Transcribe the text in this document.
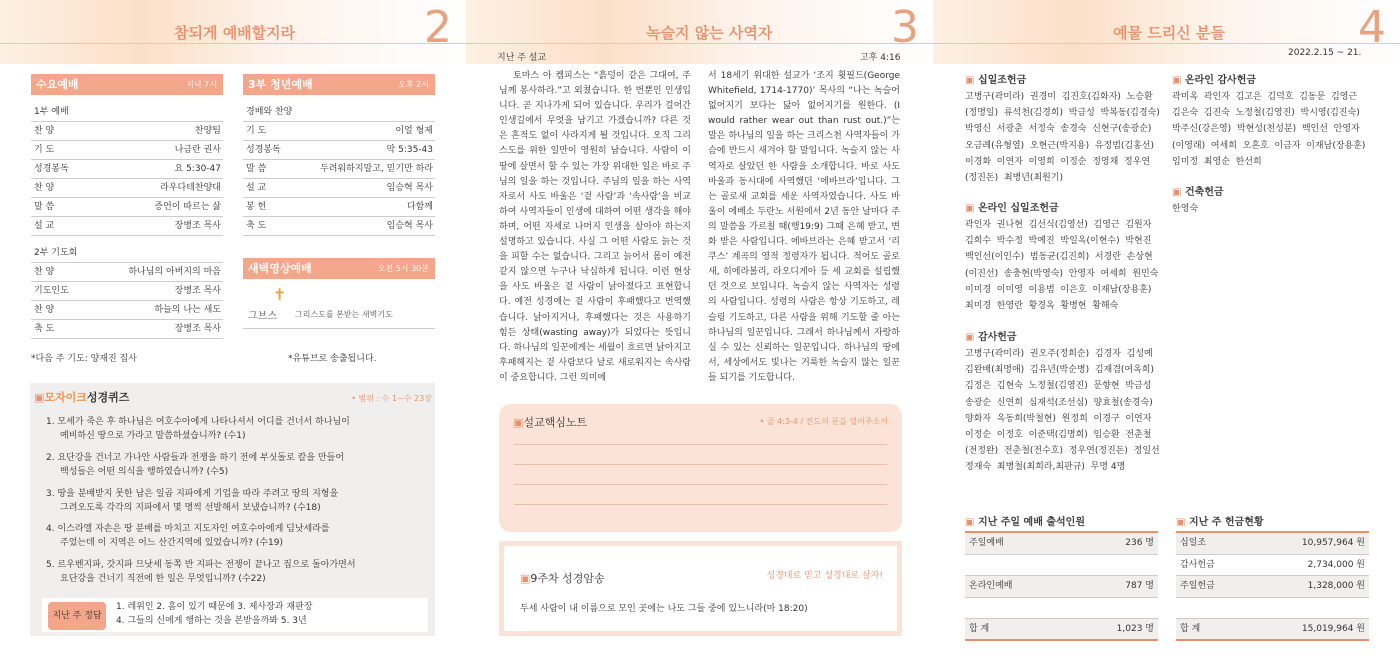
참되게 예배할지라	2
수요예배	저녁 7시
1부 예배
찬 양	찬양팀
기 도	나금란 권사
성경봉독	요 5:30-47
찬 양	라우다테찬양대
말 씀	증언이 따르는 삶
설 교	장병조 목사
2부 기도회
찬 양	하나님의 아버지의 마음
기도인도	장병조 목사
찬 양	하늘의 나는 새도
축 도	장병조 목사
3부 청년예배	오후 2시
경배와 찬양
기 도	이얼 형제
성경봉독	막 5:35-43
말 씀	두려워하지말고, 믿기만 하라
설 교	임승혁 목사
봉 헌	다함께
축 도	임승혁 목사
새벽영상예배	오전 5시 30분
✝
그브스 그리스도를 본받는 새벽기도
*다음 주 기도: 양재진 집사	*유튜브로 송출됩니다.
▣모자이크성경퀴즈	• 범위 : 수 1~수 23장
1. 모세가 죽은 후 하나님은 여호수아에게 나타나셔서 어디를 건너서 하나님이
예비하신 땅으로 가라고 말씀하셨습니까? (수1)
2. 요단강을 건너고 가나안 사람들과 전쟁을 하기 전에 부싯돌로 칼을 만들어
백성들은 어떤 의식을 행하였습니까? (수5)
3. 땅을 분배받지 못한 남은 일곱 지파에게 기업을 따라 주려고 땅의 지형을
그려오도록 각각의 지파에서 몇 명씩 선발해서 보냈습니까? (수18)
4. 이스라엘 자손은 땅 분배를 마치고 지도자인 여호수아에게 딤낫세라를
주었는데 이 지역은 어느 산간지역에 있었습니까? (수19)
5. 르우벤지파, 갓지파 므낫세 동쪽 반 지파는 전쟁이 끝나고 집으로 돌아가면서
요단강을 건너기 직전에 한 일은 무엇입니까? (수22)
지난 주 정답
1. 레위인 2. 흠이 있기 때문에 3. 제사장과 재판장
4. 그들의 신에게 행하는 것을 본받을까봐 5. 3년
녹슬지 않는 사역자	3
지난 주 설교	고후 4:16
토마스 아 켐피스는 “흙덩이 같은 그대여, 주님께 봉사하라.”고 외쳤습니다. 한 번뿐인 인생입니다. 곧 지나가게 되어 있습니다. 우리가 걸어간 인생길에서 무엇을 남기고 가겠습니까? 다른 것은 흔적도 없이 사라지게 될 것입니다. 오직 그리스도를 위한 일만이 영원히 남습니다. 사람이 이 땅에 살면서 할 수 있는 가장 위대한 일은 바로 주님의 일을 하는 것입니다. 주님의 일을 하는 사역자로서 사도 바울은 ‘겉 사람’과 ‘속사람’을 비교하여 사역자들이 인생에 대하여 어떤 생각을 해야 하며, 어떤 자세로 나머지 인생을 살아야 하는지 설명하고 있습니다. 사실 그 어떤 사람도 늙는 것을 피할 수는 없습니다. 그리고 늙어서 몸이 예전 같지 않으면 누구나 낙심하게 됩니다. 이런 현상을 사도 바울은 겉 사람이 낡아졌다고 표현합니다. 예전 성경에는 겉 사람이 후패했다고 번역했습니다. 낡아지거나, 후패했다는 것은 사용하기 힘든 상태(wasting away)가 되었다는 뜻입니다. 하나님의 일꾼에게는 세월이 흐르면 낡아지고 후패해지는 겉 사람보다 날로 새로워지는 속사람이 중요합니다. 그런 의미에
서 18세기 위대한 설교가 ‘조지 휫필드(George Whitefield, 1714-1770)’ 목사의 “나는 녹슬어 없어지기 보다는 닳아 없어지기를 원한다. (I would rather wear out than rust out.)”는 말은 하나님의 일을 하는 크리스천 사역자들이 가슴에 반드시 새겨야 할 말입니다. 녹슬지 않는 사역자로 살았던 한 사람을 소개합니다. 바로 사도 바울과 동시대에 사역했던 ‘에바브라’입니다. 그는 골로새 교회를 세운 사역자였습니다. 사도 바울이 에베소 두란노 서원에서 2년 동안 날마다 주의 말씀을 가르칠 때(행19:9) 그때 은혜 받고, 변화 받은 사람입니다. 에바브라는 은혜 받고서 ‘리쿠스’ 계곡의 영적 정령자가 됩니다. 적어도 골로새, 히에라볼리, 라오디게아 등 세 교회를 설립했던 것으로 보입니다. 녹슬지 않는 사역자는 성령의 사람입니다. 성령의 사람은 항상 기도하고, 레슬링 기도하고, 다른 사람을 위해 기도할 줄 아는 하나님의 일꾼입니다. 그래서 하나님께서 자랑하실 수 있는 신뢰하는 일꾼입니다. 하나님의 땅에서, 세상에서도 빛나는 거룩한 녹슬지 않는 일꾼들 되기를 기도합니다.
▣설교핵심노트	• 골 4:3-4 / 전도의 문을 열어주소서
▣9주차 성경암송	성경대로 믿고 성경대로 살자!
두세 사람이 내 이름으로 모인 곳에는 나도 그들 중에 있느니라(마 18:20)
예물 드리신 분들	4
2022.2.15 ~ 21.
▣ 십일조헌금
고병구(곽미라)  권경미  김진호(김화자)  노승환
(정명일)  류석천(김경희)  박금성  박복동(김경숙)
박영신  서광춘  서정숙  송경숙  신현구(송광순)
오금례(유형열)  오현근(박지용)  유정범(김홍선)
이경화  이연자  이영희  이정순  정영채  정우연
(정진돈)  최병년(최원기)
▣ 온라인 십일조헌금
곽인자  권나현  김선식(김영선)  김영근  김원자
김희수  박수정  박예진  박일옥(이현수)  박현진
백인선(이인수)  범동균(김진희)  서경란  손상현
(이진선)  송충현(박영숙)  안영자  여세희  원민숙
이미경  이미영  이용범  이은호  이재남(장용훈)
최미경  한영란  황경옥  황병현  황해숙
▣ 감사헌금
고병구(곽미라)  권오주(정희순)  김경자  김성예
김완배(최명애)  김유년(박순병)  김재겸(여옥희)
김정은  김현숙  노정철(김영진)  문향현  박금성
송광순  신연희  심재석(조선심)  양효철(송경숙)
양화자  옥동희(박철현)  원정희  이경구  이연자
이정순  이정호  이준택(김명희)  임승환  전춘철
(전정완)  전춘철(전수호)  정우연(정진돈)  정일선
정재숙  최병철(최희라,최판규)  무명 4명
▣ 온라인 감사헌금
곽미옥  곽인자  김고은  김덕호  김동문  김영근
김은숙  김진숙  노정철(김영진)  박시영(김진숙)
박주신(강은영)  박현성(천성분)  백인선  안영자
(이영래)  여세희  오흔호  이금자  이재남(장용훈)
임미정  최영순  한선희
▣ 건축헌금
한영숙
▣ 지난 주일 예배 출석인원
주일예배	236 명
온라인예배	787 명
합 계	1,023 명
▣ 지난 주 헌금현황
십일조	10,957,964 원
감사헌금	2,734,000 원
주일헌금	1,328,000 원
합 계	15,019,964 원
